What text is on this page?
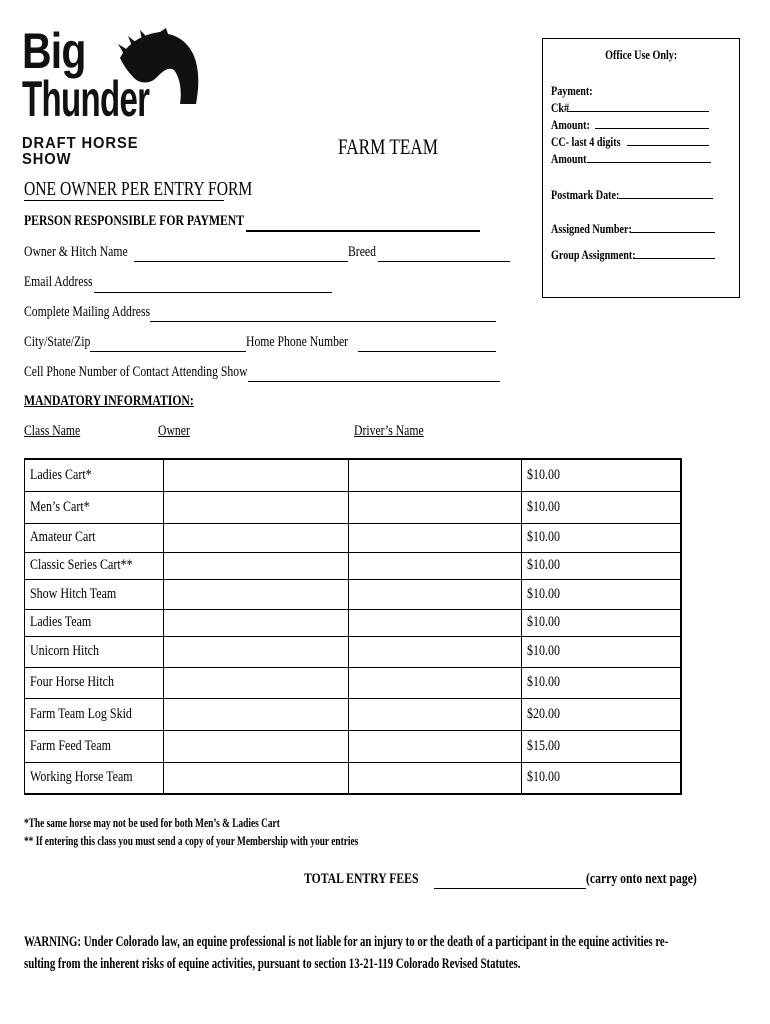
Big
Thunder
TR
DRAFT HORSE SHOW
FARM TEAM
Office Use Only:
Payment:
Ck#
Amount:
CC- last 4 digits
Amount
Postmark Date:
Assigned Number:
Group Assignment:
ONE OWNER PER ENTRY FORM
PERSON RESPONSIBLE FOR PAYMENT
Owner & Hitch Name	Breed
Email Address
Complete Mailing Address
City/State/Zip	Home Phone Number
Cell Phone Number of Contact Attending Show
MANDATORY INFORMATION:
Class Name	Owner	Driver’s Name
Ladies Cart*			$10.00
Men’s Cart*			$10.00
Amateur Cart			$10.00
Classic Series Cart**			$10.00
Show Hitch Team			$10.00
Ladies Team			$10.00
Unicorn Hitch			$10.00
Four Horse Hitch			$10.00
Farm Team Log Skid			$20.00
Farm Feed Team			$15.00
Working Horse Team			$10.00
*The same horse may not be used for both Men’s & Ladies Cart
** If entering this class you must send a copy of your Membership with your entries
TOTAL ENTRY FEES	(carry onto next page)
WARNING: Under Colorado law, an equine professional is not liable for an injury to or the death of a participant in the equine activities re-
sulting from the inherent risks of equine activities, pursuant to section 13-21-119 Colorado Revised Statutes.
